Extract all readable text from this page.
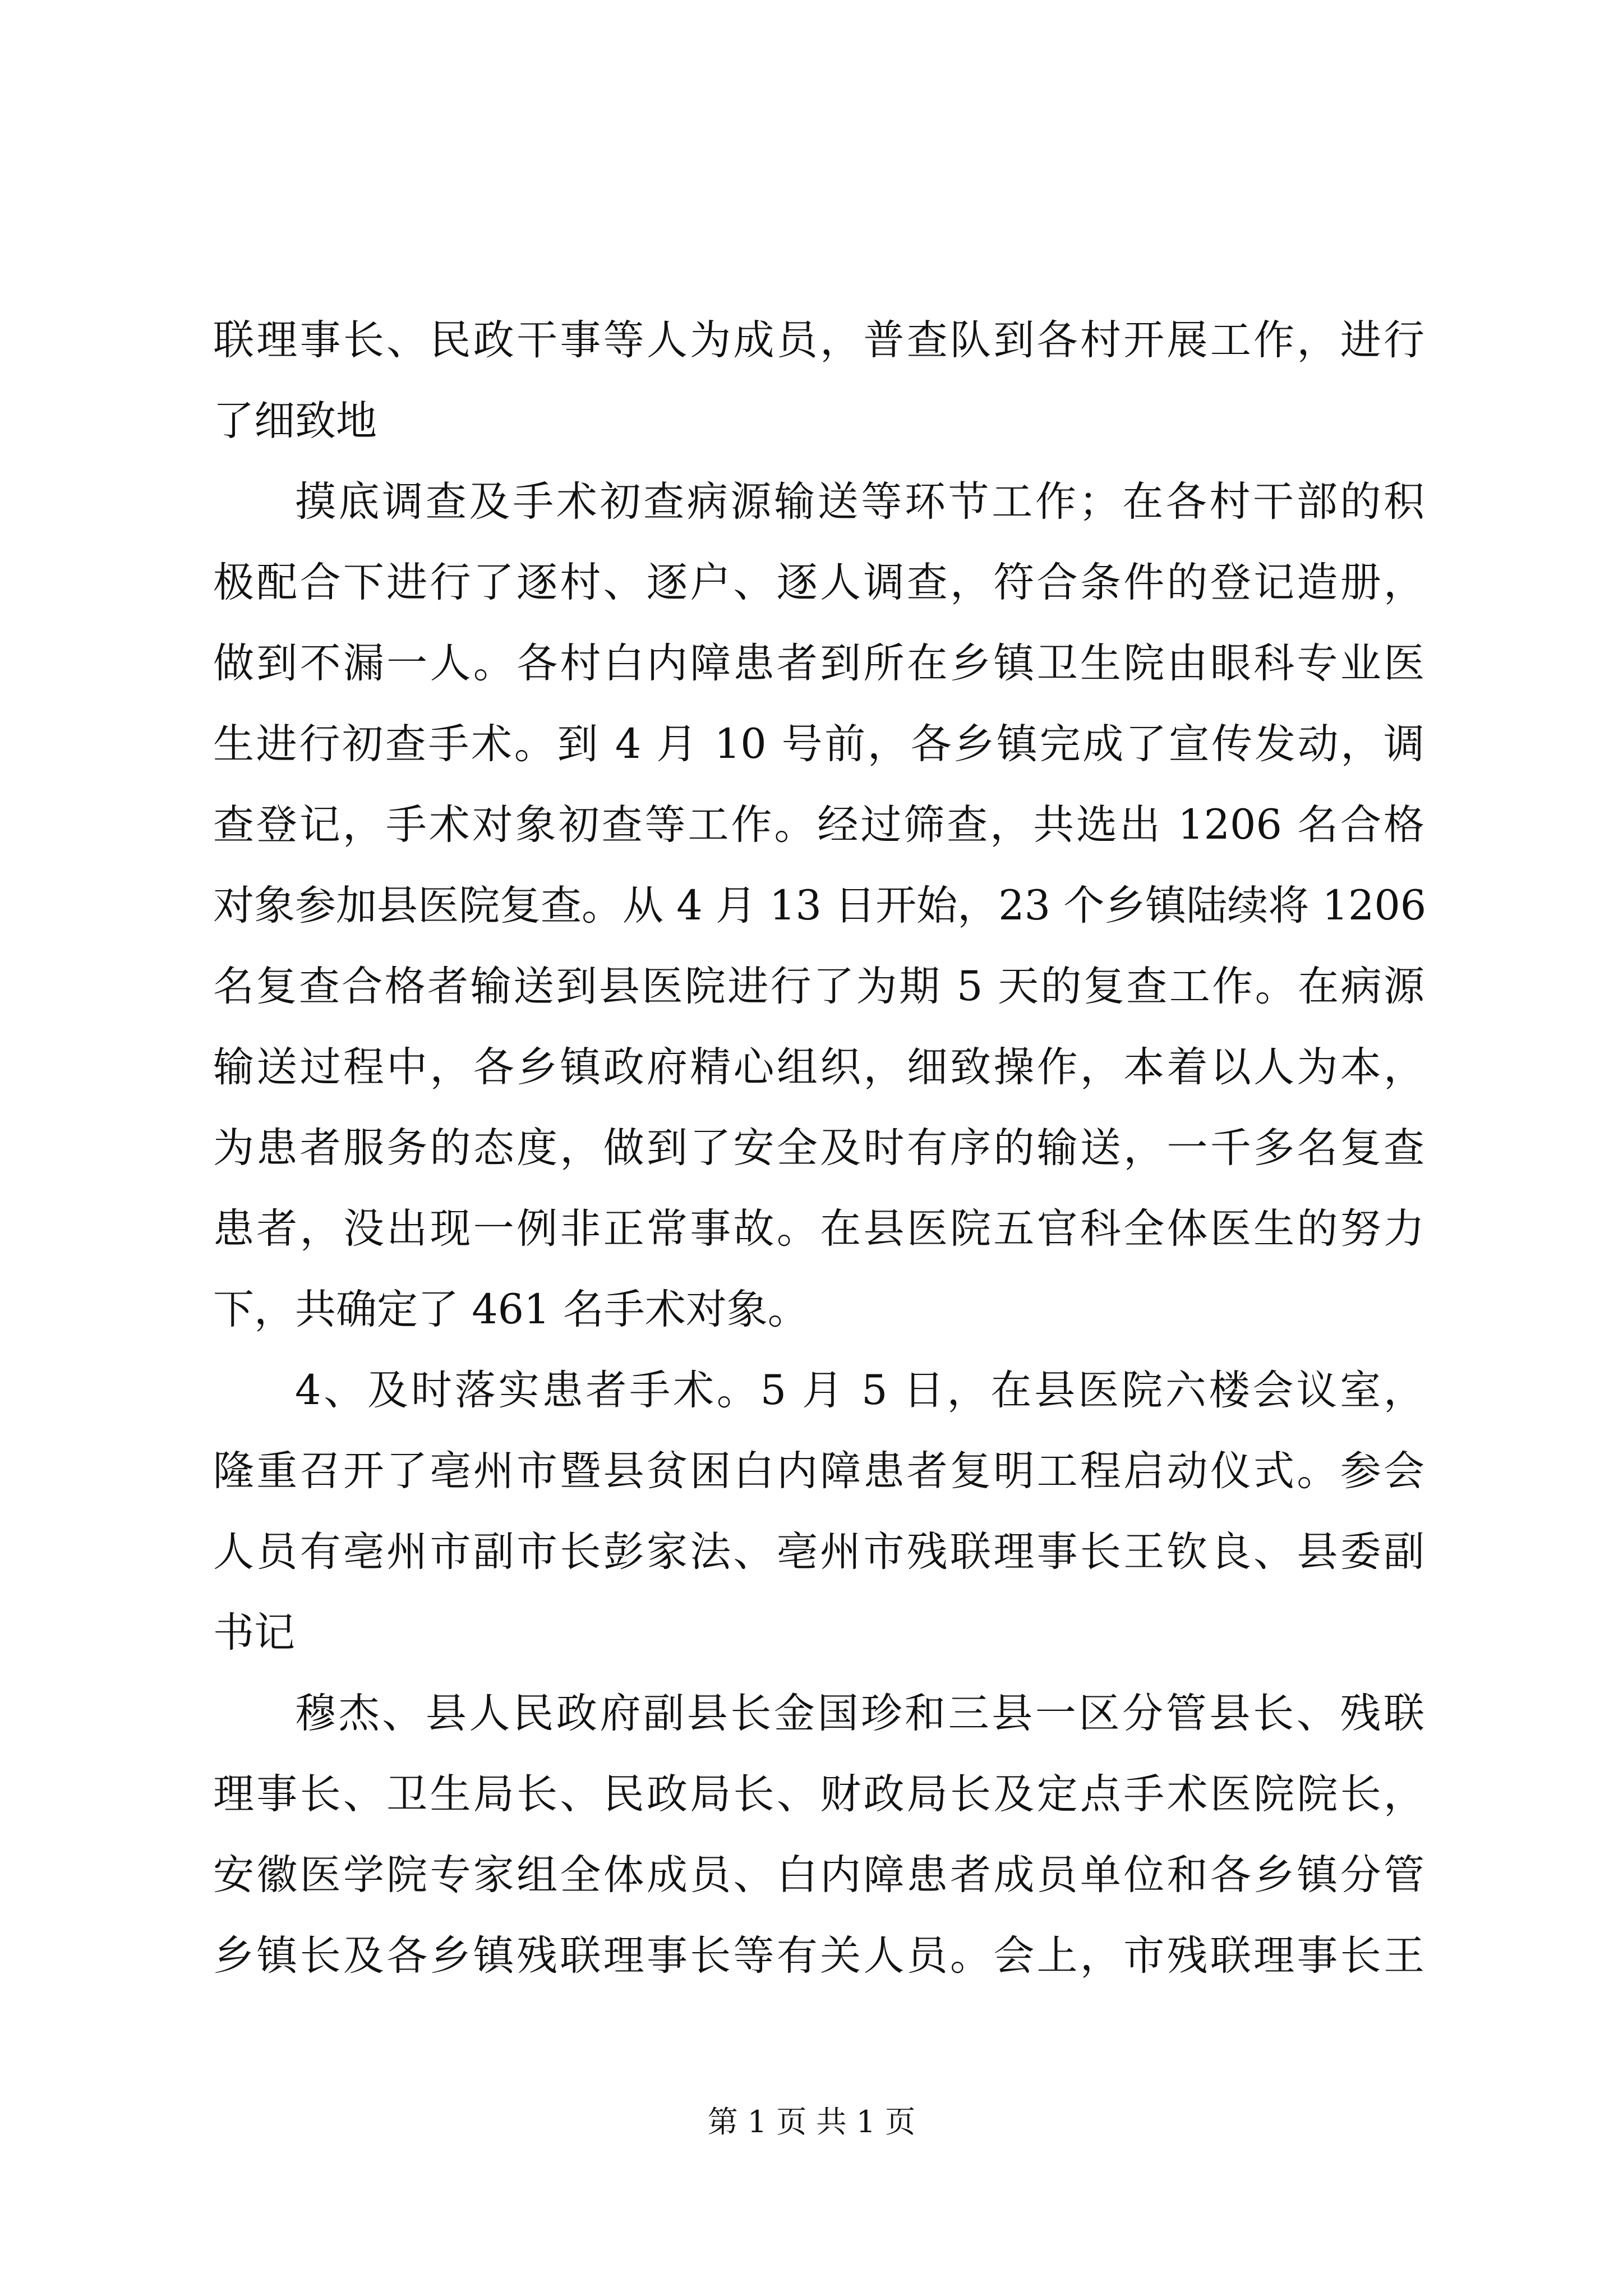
联理事长、民政干事等人为成员，普查队到各村开展工作，进行
了细致地
摸底调查及手术初查病源输送等环节工作；在各村干部的积
极配合下进行了逐村、逐户、逐人调查，符合条件的登记造册，
做到不漏一人。各村白内障患者到所在乡镇卫生院由眼科专业医
生进行初查手术。到 4 月 10 号前，各乡镇完成了宣传发动，调
查登记，手术对象初查等工作。经过筛查，共选出 1206 名合格
对象参加县医院复查。从 4 月 13 日开始，23 个乡镇陆续将 1206
名复查合格者输送到县医院进行了为期 5 天的复查工作。在病源
输送过程中，各乡镇政府精心组织，细致操作，本着以人为本，
为患者服务的态度，做到了安全及时有序的输送，一千多名复查
患者，没出现一例非正常事故。在县医院五官科全体医生的努力
下，共确定了 461 名手术对象。
4、及时落实患者手术。5 月 5 日，在县医院六楼会议室，
隆重召开了亳州市暨县贫困白内障患者复明工程启动仪式。参会
人员有亳州市副市长彭家法、亳州市残联理事长王钦良、县委副
书记
穆杰、县人民政府副县长金国珍和三县一区分管县长、残联
理事长、卫生局长、民政局长、财政局长及定点手术医院院长，
安徽医学院专家组全体成员、白内障患者成员单位和各乡镇分管
乡镇长及各乡镇残联理事长等有关人员。会上，市残联理事长王
第 1 页 共 1 页
